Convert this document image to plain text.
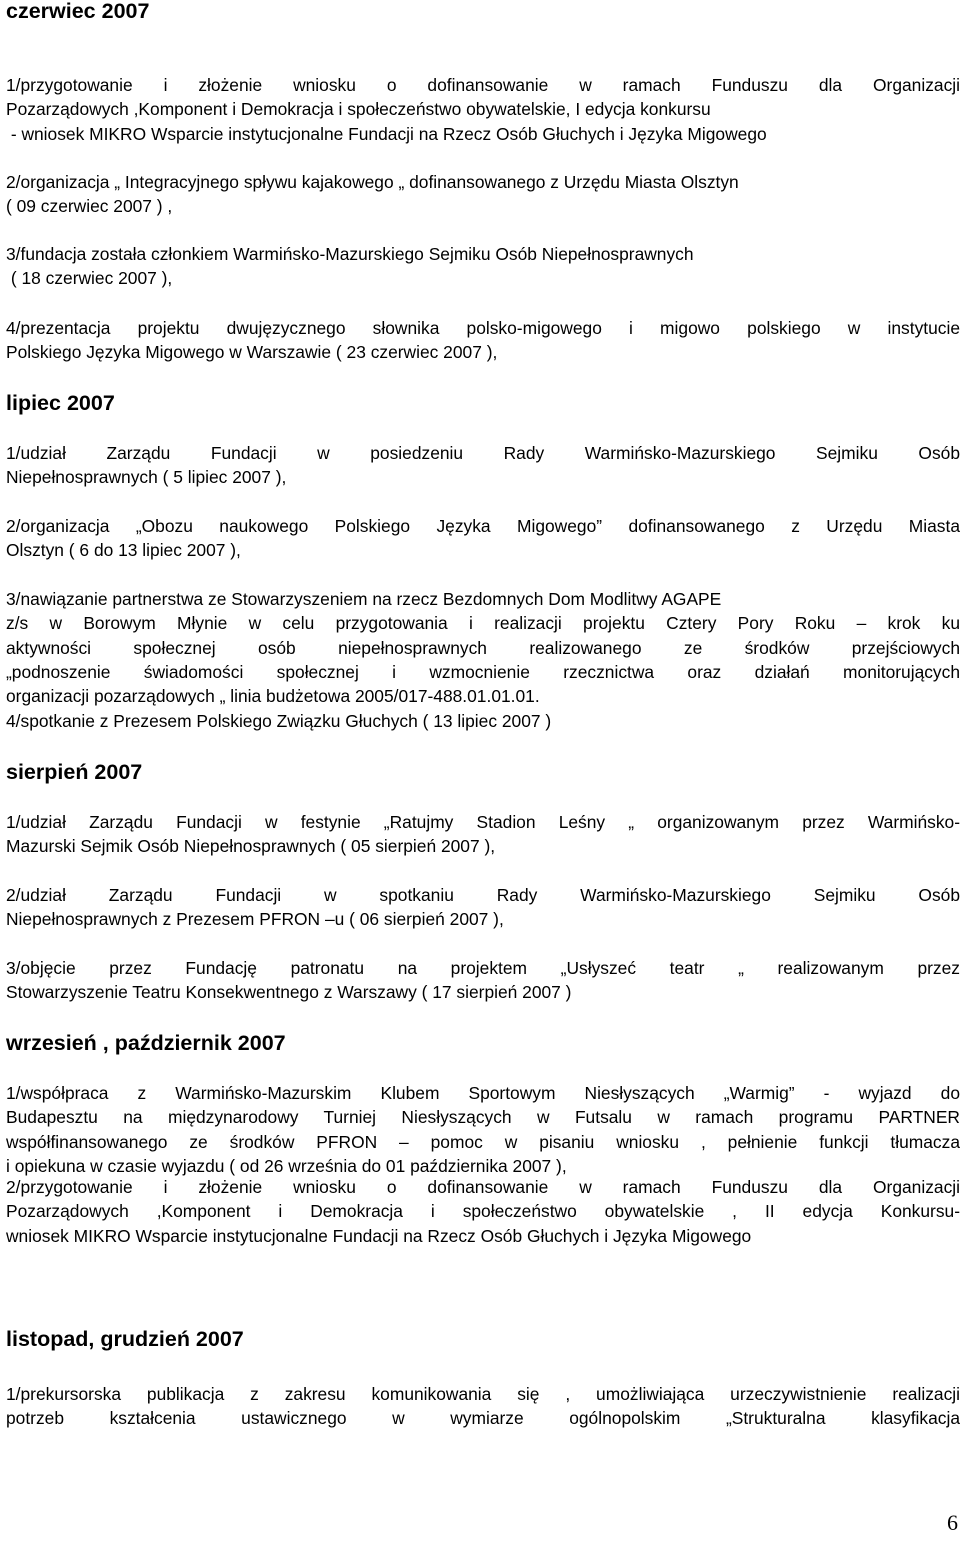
czerwiec 2007
1/przygotowanie i złożenie wniosku o dofinansowanie w ramach Funduszu dla Organizacji
Pozarządowych ,Komponent i Demokracja i społeczeństwo obywatelskie, I edycja konkursu
- wniosek MIKRO Wsparcie instytucjonalne Fundacji na Rzecz Osób Głuchych i Języka Migowego
2/organizacja „ Integracyjnego spływu kajakowego „ dofinansowanego z Urzędu Miasta Olsztyn
( 09 czerwiec 2007 ) ,
3/fundacja została członkiem Warmińsko-Mazurskiego Sejmiku Osób Niepełnosprawnych
( 18 czerwiec 2007 ),
4/prezentacja projektu dwujęzycznego słownika polsko-migowego i migowo polskiego w instytucie
Polskiego Języka Migowego w Warszawie ( 23 czerwiec 2007 ),
lipiec 2007
1/udział Zarządu Fundacji w posiedzeniu Rady Warmińsko-Mazurskiego Sejmiku Osób
Niepełnosprawnych ( 5 lipiec 2007 ),
2/organizacja „Obozu naukowego Polskiego Języka Migowego” dofinansowanego z Urzędu Miasta
Olsztyn ( 6 do 13 lipiec 2007 ),
3/nawiązanie partnerstwa ze Stowarzyszeniem na rzecz Bezdomnych Dom Modlitwy AGAPE
z/s w Borowym Młynie w celu przygotowania i realizacji projektu Cztery Pory Roku – krok ku
aktywności społecznej osób niepełnosprawnych realizowanego ze środków przejściowych
„podnoszenie świadomości społecznej i wzmocnienie rzecznictwa oraz działań monitorujących
organizacji pozarządowych „ linia budżetowa 2005/017-488.01.01.01.
4/spotkanie z Prezesem Polskiego Związku Głuchych ( 13 lipiec 2007 )
sierpień 2007
1/udział Zarządu Fundacji w festynie „Ratujmy Stadion Leśny „ organizowanym przez Warmińsko-
Mazurski Sejmik Osób Niepełnosprawnych ( 05 sierpień 2007 ),
2/udział Zarządu Fundacji w spotkaniu Rady Warmińsko-Mazurskiego Sejmiku Osób
Niepełnosprawnych z Prezesem PFRON –u ( 06 sierpień 2007 ),
3/objęcie przez Fundację patronatu na projektem „Usłyszeć teatr „ realizowanym przez
Stowarzyszenie Teatru Konsekwentnego z Warszawy ( 17 sierpień 2007 )
wrzesień , październik 2007
1/współpraca z Warmińsko-Mazurskim Klubem Sportowym Niesłyszących „Warmig” - wyjazd do
Budapesztu na międzynarodowy Turniej Niesłyszących w Futsalu w ramach programu PARTNER
współfinansowanego ze środków PFRON – pomoc w pisaniu wniosku , pełnienie funkcji tłumacza
i opiekuna w czasie wyjazdu ( od 26 września do 01 października 2007 ),
2/przygotowanie i złożenie wniosku o dofinansowanie w ramach Funduszu dla Organizacji
Pozarządowych ,Komponent i Demokracja i społeczeństwo obywatelskie , II edycja Konkursu-
wniosek MIKRO Wsparcie instytucjonalne Fundacji na Rzecz Osób Głuchych i Języka Migowego
listopad, grudzień 2007
1/prekursorska publikacja z zakresu komunikowania się , umożliwiająca urzeczywistnienie realizacji
potrzeb kształcenia ustawicznego w wymiarze ogólnopolskim „Strukturalna klasyfikacja
6
